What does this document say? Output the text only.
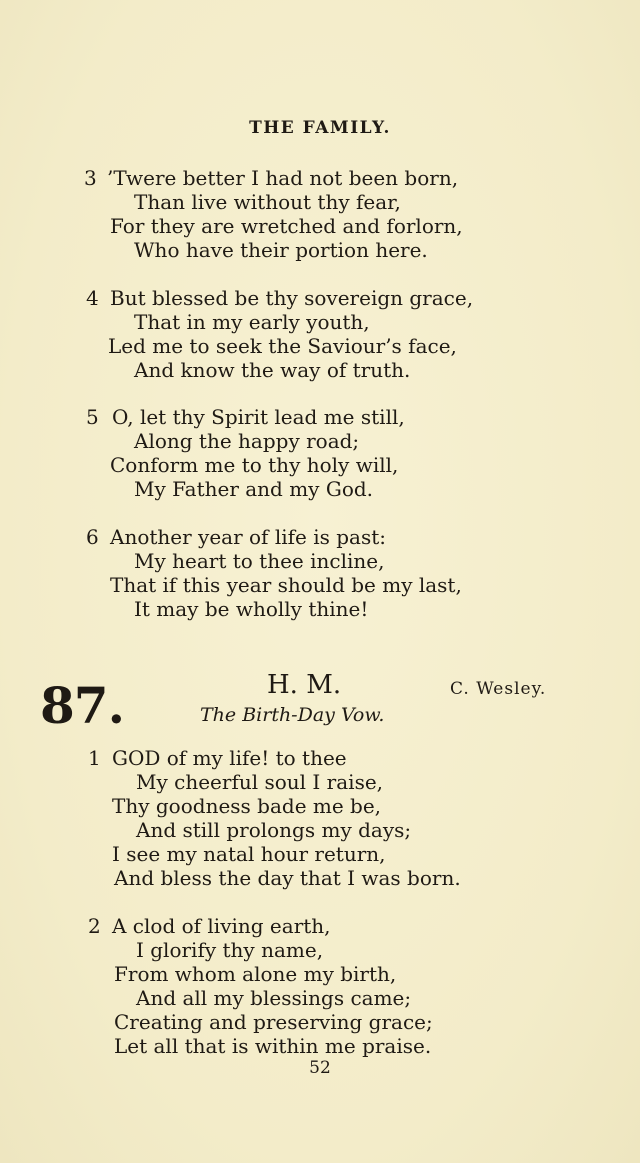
THE FAMILY.
3 ’Twere better I had not been born,
Than live without thy fear,
For they are wretched and forlorn,
Who have their portion here.
4 But blessed be thy sovereign grace,
That in my early youth,
Led me to seek the Saviour’s face,
And know the way of truth.
5 O, let thy Spirit lead me still,
Along the happy road;
Conform me to thy holy will,
My Father and my God.
6 Another year of life is past:
My heart to thee incline,
That if this year should be my last,
It may be wholly thine!
87.	H. M.	C. Wesley.
The Birth-Day Vow.
1 GOD of my life! to thee
My cheerful soul I raise,
Thy goodness bade me be,
And still prolongs my days;
I see my natal hour return,
And bless the day that I was born.
2 A clod of living earth,
I glorify thy name,
From whom alone my birth,
And all my blessings came;
Creating and preserving grace;
Let all that is within me praise.
52
